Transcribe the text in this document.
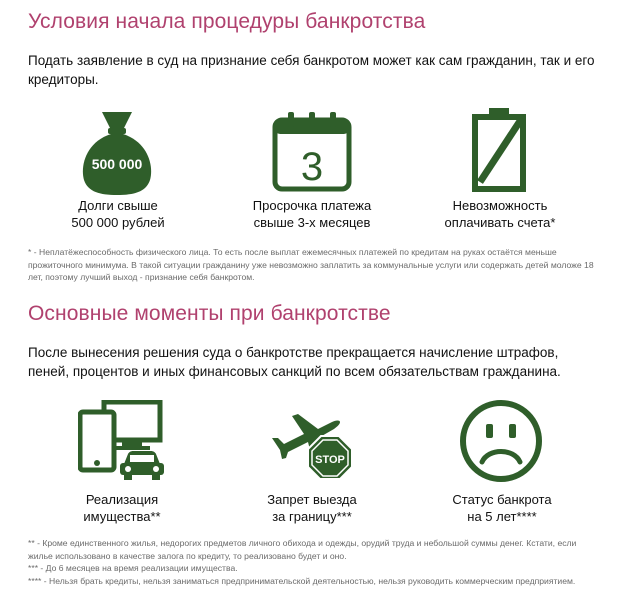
Условия начала процедуры банкротства

Подать заявление в суд на признание себя банкротом может как сам гражданин, так и его кредиторы.

500 000	3
Долги свыше
500 000 рублей
Просрочка платежа
свыше 3-х месяцев
Невозможность
оплачивать счета*

* - Неплатёжеспособность физического лица. То есть после выплат ежемесячных платежей по кредитам на руках остаётся меньше прожиточного минимума. В такой ситуации гражданину уже невозможно заплатить за коммунальные услуги или содержать детей моложе 18 лет, поэтому лучший выход - признание себя банкротом.

Основные моменты при банкротстве

После вынесения решения суда о банкротстве прекращается начисление штрафов, пеней, процентов и иных финансовых санкций по всем обязательствам гражданина.

STOP
Реализация
имущества**
Запрет выезда
за границу***
Статус банкрота
на 5 лет****
** - Кроме единственного жилья, недорогих предметов личного обихода и одежды, орудий труда и небольшой суммы денег. Кстати, если жилье использовано в качестве залога по кредиту, то реализовано будет и оно.
*** - До 6 месяцев на время реализации имущества.
**** - Нельзя брать кредиты, нельзя заниматься предпринимательской деятельностью, нельзя руководить коммерческим предприятием.
